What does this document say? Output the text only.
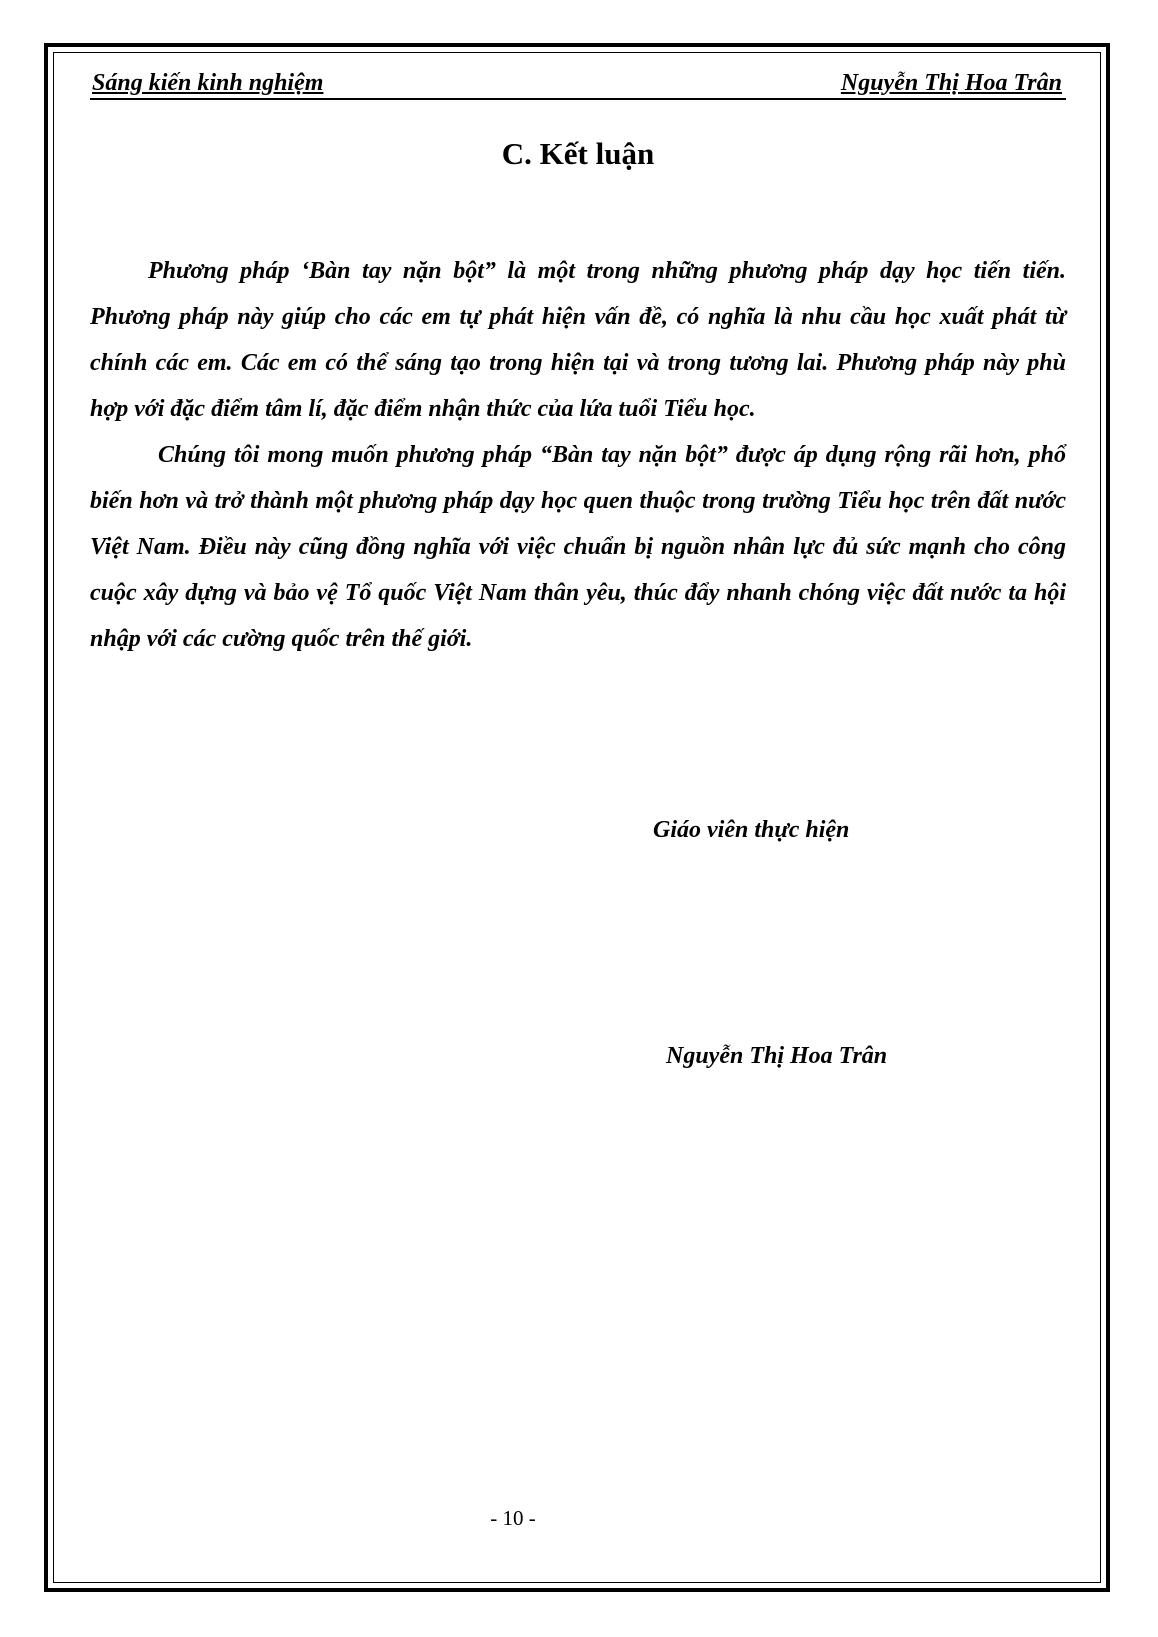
Sáng kiến kinh nghiệm	Nguyễn Thị Hoa Trân
C. Kết luận

Phương pháp ‘Bàn tay nặn bột” là một trong những phương pháp dạy học tiến tiến. Phương pháp này giúp cho các em tự phát hiện vấn đề, có nghĩa là nhu cầu học xuất phát từ chính các em. Các em có thể sáng tạo trong hiện tại và trong tương lai. Phương pháp này phù hợp với đặc điểm tâm lí, đặc điểm nhận thức của lứa tuổi Tiểu học.

Chúng tôi mong muốn phương pháp “Bàn tay nặn bột” được áp dụng rộng rãi hơn, phổ biến hơn và trở thành một phương pháp dạy học quen thuộc trong trường Tiểu học trên đất nước Việt Nam. Điều này cũng đồng nghĩa với việc chuẩn bị nguồn nhân lực đủ sức mạnh cho công cuộc xây dựng và bảo vệ Tổ quốc Việt Nam thân yêu, thúc đẩy nhanh chóng việc đất nước ta hội nhập với các cường quốc trên thế giới.

Giáo viên thực hiện
Nguyễn Thị Hoa Trân
- 10 -
